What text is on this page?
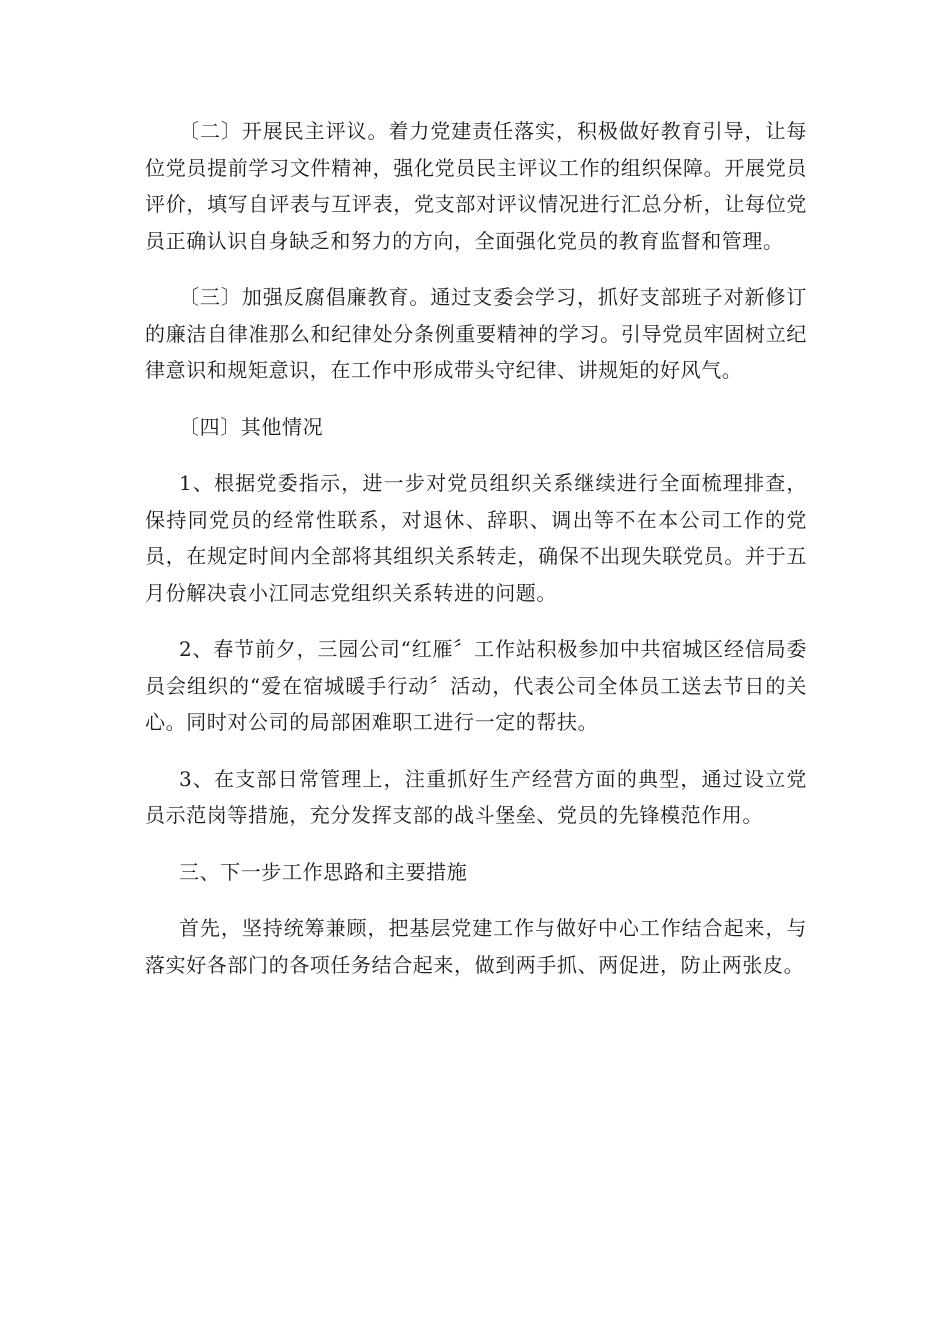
〔二〕开展民主评议。着力党建责任落实，积极做好教育引导，让每位党员提前学习文件精神，强化党员民主评议工作的组织保障。开展党员评价，填写自评表与互评表，党支部对评议情况进行汇总分析，让每位党员正确认识自身缺乏和努力的方向，全面强化党员的教育监督和管理。

〔三〕加强反腐倡廉教育。通过支委会学习，抓好支部班子对新修订的廉洁自律准那么和纪律处分条例重要精神的学习。引导党员牢固树立纪律意识和规矩意识，在工作中形成带头守纪律、讲规矩的好风气。

〔四〕其他情况

1、根据党委指示，进一步对党员组织关系继续进行全面梳理排查，保持同党员的经常性联系，对退休、辞职、调出等不在本公司工作的党员，在规定时间内全部将其组织关系转走，确保不出现失联党员。并于五月份解决袁小江同志党组织关系转进的问题。

2、春节前夕，三园公司“红雁〞工作站积极参加中共宿城区经信局委员会组织的“爱在宿城暖手行动〞活动，代表公司全体员工送去节日的关心。同时对公司的局部困难职工进行一定的帮扶。

3、在支部日常管理上，注重抓好生产经营方面的典型，通过设立党员示范岗等措施，充分发挥支部的战斗堡垒、党员的先锋模范作用。

三、下一步工作思路和主要措施

首先，坚持统筹兼顾，把基层党建工作与做好中心工作结合起来，与落实好各部门的各项任务结合起来，做到两手抓、两促进，防止两张皮。
